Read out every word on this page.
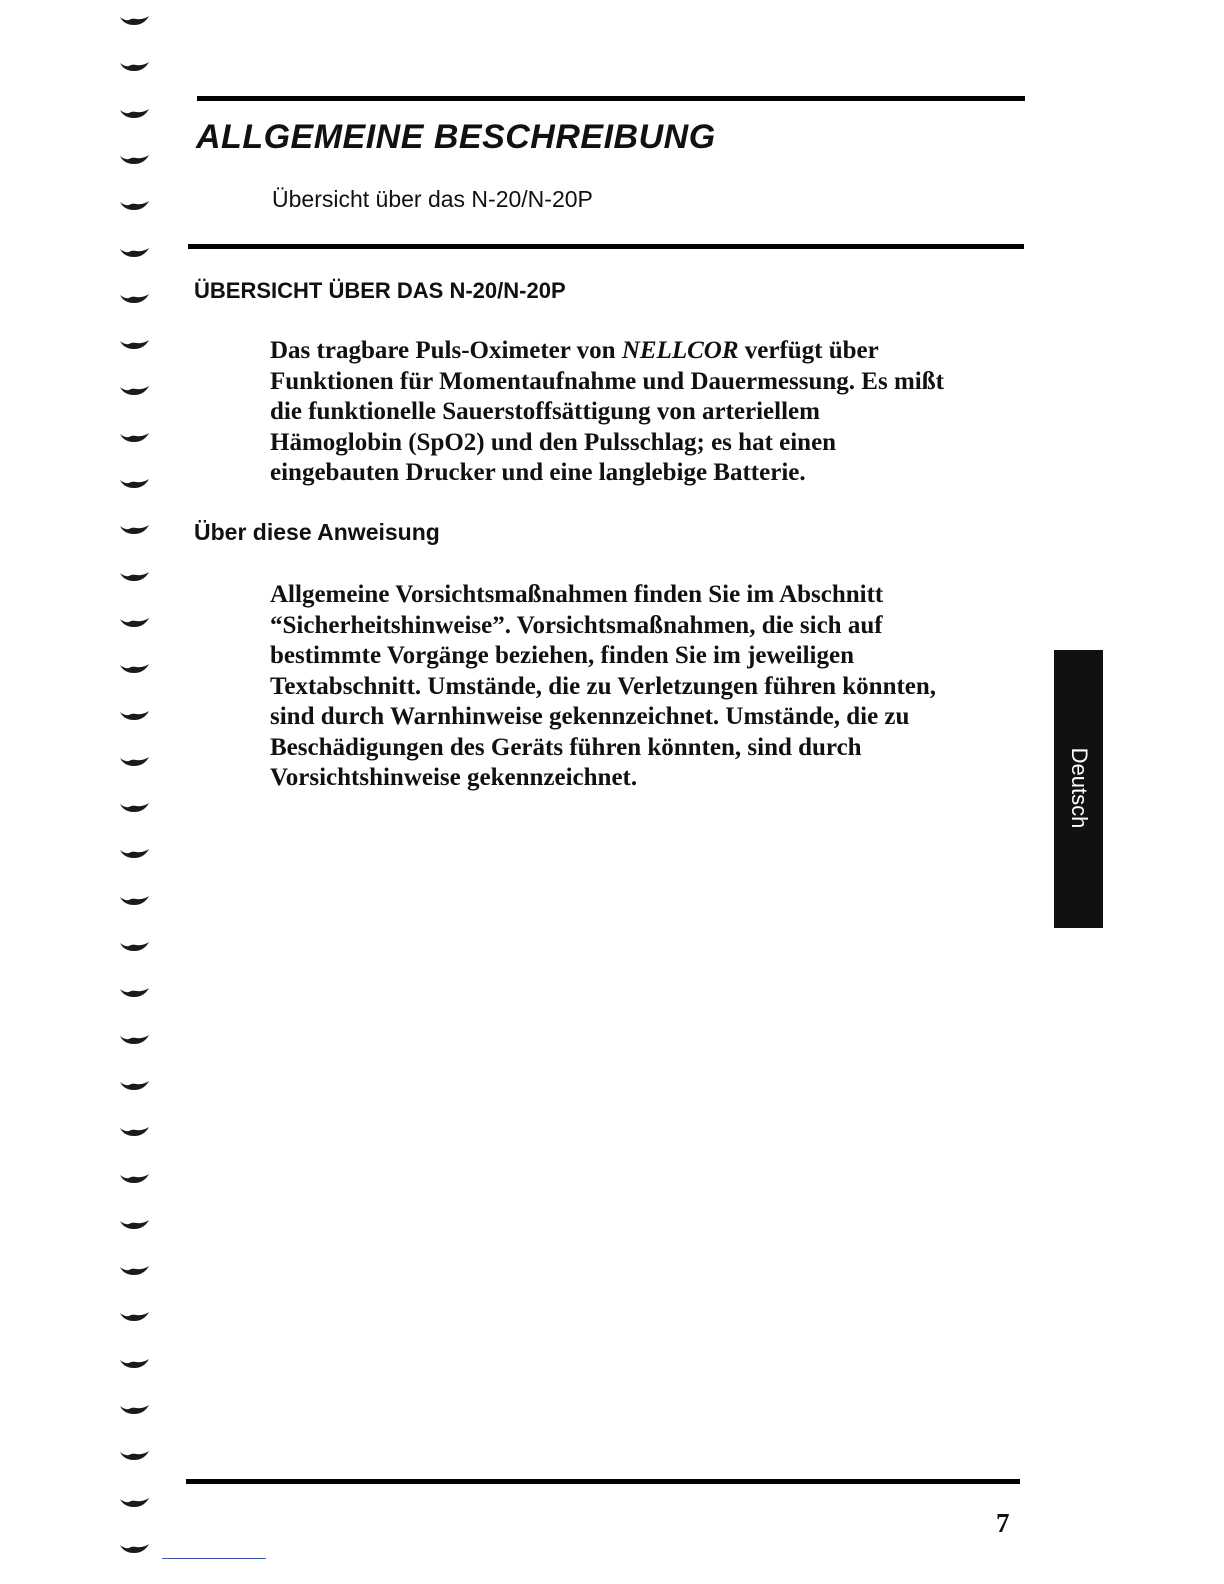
ALLGEMEINE BESCHREIBUNG
Übersicht über das N-20/N-20P
ÜBERSICHT ÜBER DAS N-20/N-20P
Das tragbare Puls-Oximeter von NELLCOR verfügt über
Funktionen für Momentaufnahme und Dauermessung. Es mißt
die funktionelle Sauerstoffsättigung von arteriellem
Hämoglobin (SpO2) und den Pulsschlag; es hat einen
eingebauten Drucker und eine langlebige Batterie.
Über diese Anweisung
Allgemeine Vorsichtsmaßnahmen finden Sie im Abschnitt
“Sicherheitshinweise”. Vorsichtsmaßnahmen, die sich auf
bestimmte Vorgänge beziehen, finden Sie im jeweiligen
Textabschnitt. Umstände, die zu Verletzungen führen könnten,
sind durch Warnhinweise gekennzeichnet. Umstände, die zu
Beschädigungen des Geräts führen könnten, sind durch
Vorsichtshinweise gekennzeichnet.	Deutsch
7
